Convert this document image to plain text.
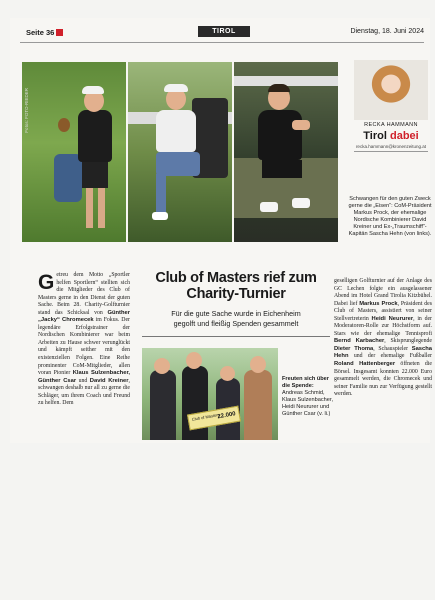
Seite 36	TIROL	Dienstag, 18. Juni 2024
Fotos: FOTO-RIEDER	RECKA HAMMANN
Tirol dabei
recka.hammann@kronenzeitung.at
Schwangen für den guten Zweck gerne die „Eisen“: CoM-Präsident Markus Prock, der ehemalige Nordische Kombinierer David Kreiner und Ex-„Traumschiff“-Kapitän Sascha Hehn (von links).
Getreu dem Motto „Sportler helfen Sportlern“ stellten sich die Mitglieder des Club of Masters gerne in den Dienst der guten Sache. Beim 28. Charity-Golfturnier stand das Schicksal von Günther „Jacky“ Chromecek im Fokus. Der legendäre Erfolgstrainer der Nordischen Kombinierer war beim Arbeiten zu Hause schwer verunglückt und kämpft seither mit den existenziellen Folgen. Eine Reihe prominenter CoM-Mitglieder, allen voran Pionier Klaus Sulzenbacher, Günther Csar und David Kreiner, schwangen deshalb nur all zu gerne die Schläger, um ihrem Coach und Freund zu helfen. Dem
Club of Masters rief zum Charity-Turnier
Für die gute Sache wurde in Eichenheim
gegolft und fleißig Spenden gesammelt
Club of Masters
22.000
Freuten sich über die Spende: Andreas Schmid, Klaus Sulzenbacher, Heidi Neururer und Günther Csar (v. li.)
geselligen Golfturnier auf der Anlage des GC Lechen folgte ein ausgelassener Abend im Hotel Grand Tirolia Kitzbühel. Dabei lief Markus Prock, Präsident des Club of Masters, assistiert von seiner Stellvertreterin Heidi Neururer, in der Moderatoren-Rolle zur Höchstform auf. Stars wie der ehemalige Tennisprofi Bernd Karbacher, Skisprunglegende Dieter Thoma, Schauspieler Sascha Hehn und der ehemalige Fußballer Roland Hattenberger öffneten die Börsel. Insgesamt konnten 22.000 Euro gesammelt werden, die Chromecek und seiner Familie nun zur Verfügung gestellt werden.
